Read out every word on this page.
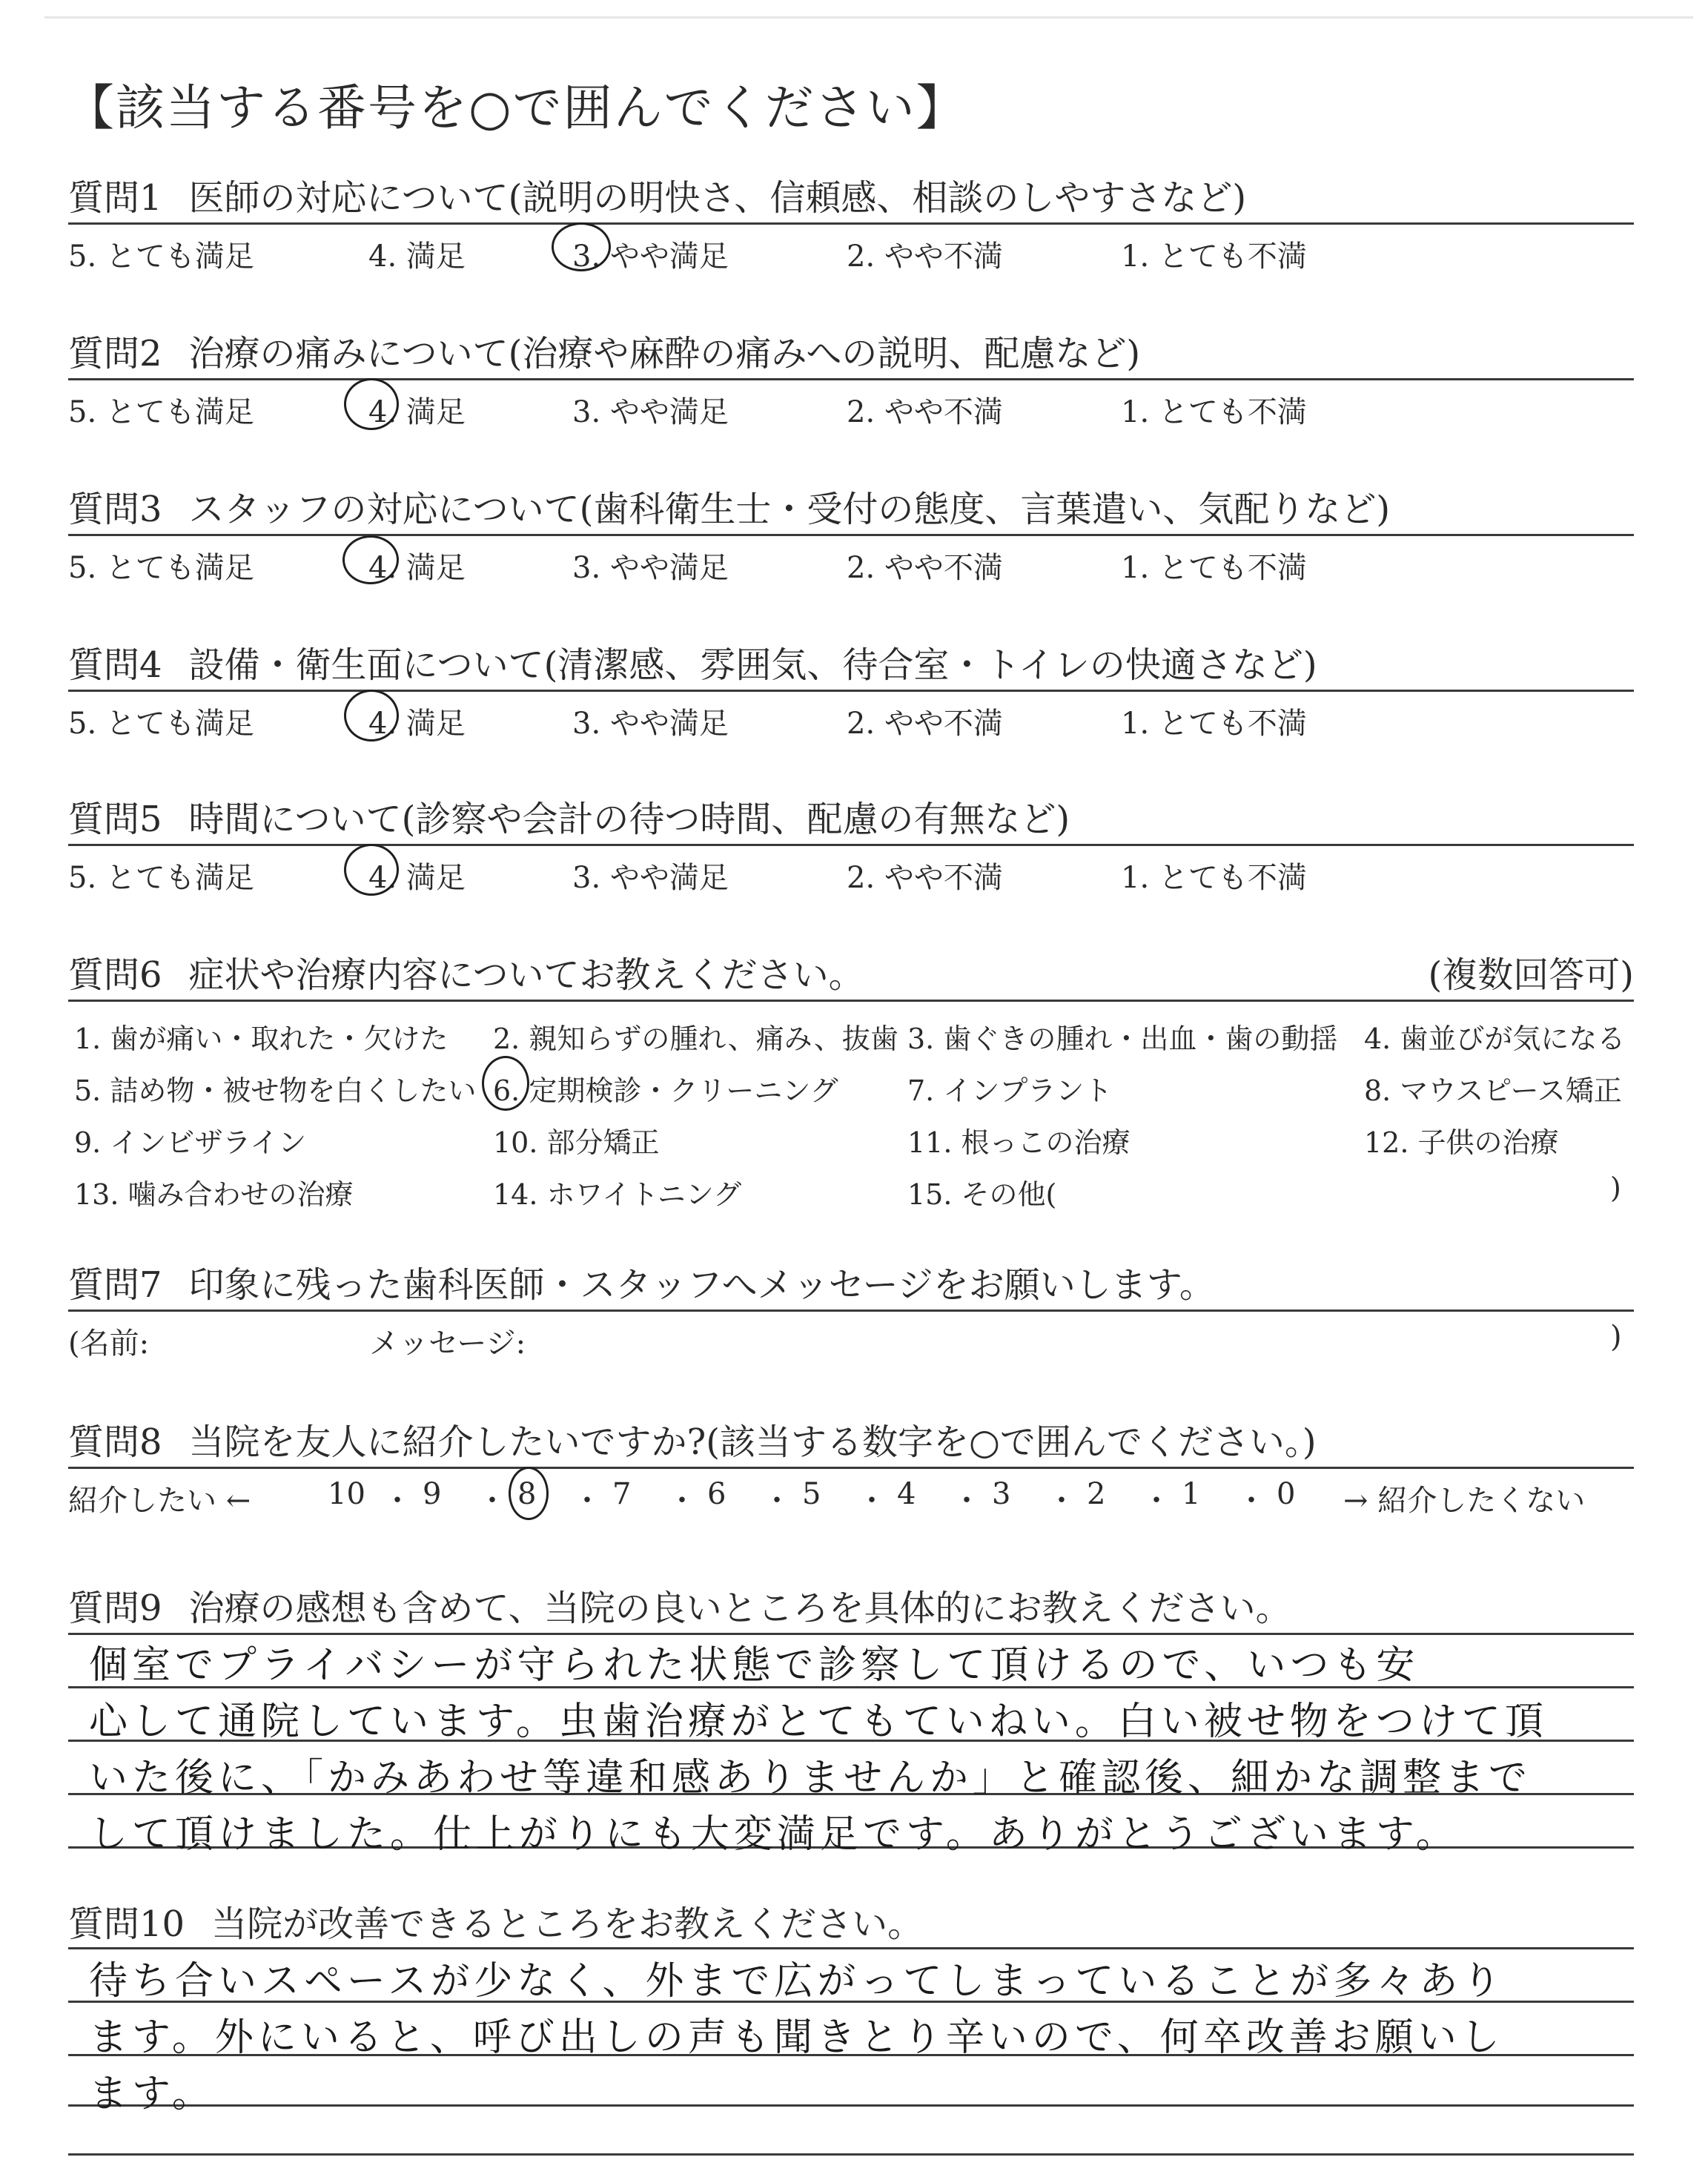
【該当する番号を○で囲んでください】
質問1 医師の対応について(説明の明快さ、信頼感、相談のしやすさなど)
5. とても満足	4. 満足	3. やや満足	2. やや不満	1. とても不満
質問2 治療の痛みについて(治療や麻酔の痛みへの説明、配慮など)
5. とても満足	4. 満足	3. やや満足	2. やや不満	1. とても不満
質問3 スタッフの対応について(歯科衛生士・受付の態度、言葉遣い、気配りなど)
5. とても満足	4. 満足	3. やや満足	2. やや不満	1. とても不満
質問4 設備・衛生面について(清潔感、雰囲気、待合室・トイレの快適さなど)
5. とても満足	4. 満足	3. やや満足	2. やや不満	1. とても不満
質問5 時間について(診察や会計の待つ時間、配慮の有無など)
5. とても満足	4. 満足	3. やや満足	2. やや不満	1. とても不満
質問6 症状や治療内容についてお教えください。	(複数回答可)
1. 歯が痛い・取れた・欠けた 2. 親知らずの腫れ、痛み、抜歯 3. 歯ぐきの腫れ・出血・歯の動揺 4. 歯並びが気になる
5. 詰め物・被せ物を白くしたい 6. 定期検診・クリーニング 7. インプラント	8. マウスピース矯正
9. インビザライン	10. 部分矯正	11. 根っこの治療	12. 子供の治療
13. 噛み合わせの治療	14. ホワイトニング	15. その他(	)
質問7 印象に残った歯科医師・スタッフへメッセージをお願いします。
(名前:	メッセージ:	)
質問8 当院を友人に紹介したいですか?(該当する数字を○で囲んでください。)
紹介したい ←	10 ・ 9 ・ 8 ・ 7 ・ 6 ・ 5 ・ 4 ・ 3 ・ 2 ・ 1 ・ 0 → 紹介したくない
質問9 治療の感想も含めて、当院の良いところを具体的にお教えください。
個室でプライバシーが守られた状態で診察して頂けるので、いつも安
心して通院しています。虫歯治療がとてもていねい。白い被せ物をつけて頂
いた後に、「かみあわせ等違和感ありませんか」と確認後、細かな調整まで
して頂けました。仕上がりにも大変満足です。ありがとうございます。
質問10 当院が改善できるところをお教えください。
待ち合いスペースが少なく、外まで広がってしまっていることが多々あり
ます。外にいると、呼び出しの声も聞きとり辛いので、何卒改善お願いし
ます。
